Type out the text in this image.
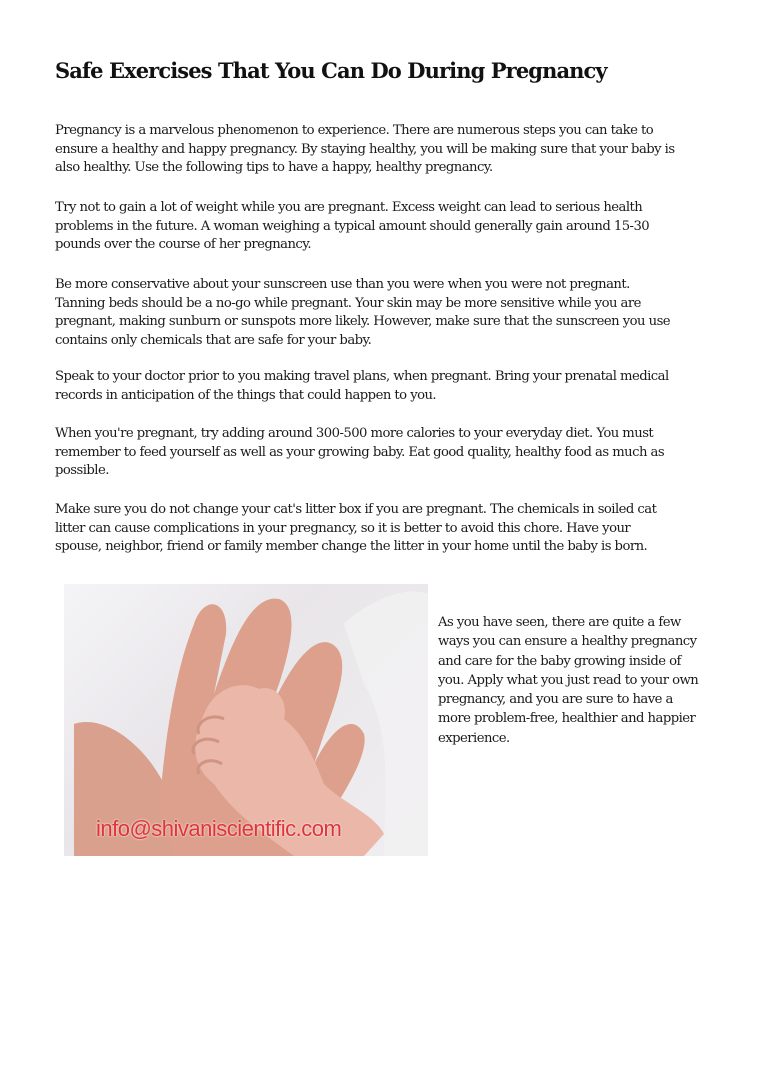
Safe Exercises That You Can Do During Pregnancy
Pregnancy is a marvelous phenomenon to experience. There are numerous steps you can take to
ensure a healthy and happy pregnancy. By staying healthy, you will be making sure that your baby is
also healthy. Use the following tips to have a happy, healthy pregnancy.
Try not to gain a lot of weight while you are pregnant. Excess weight can lead to serious health
problems in the future. A woman weighing a typical amount should generally gain around 15-30
pounds over the course of her pregnancy.
Be more conservative about your sunscreen use than you were when you were not pregnant.
Tanning beds should be a no-go while pregnant. Your skin may be more sensitive while you are
pregnant, making sunburn or sunspots more likely. However, make sure that the sunscreen you use
contains only chemicals that are safe for your baby.
Speak to your doctor prior to you making travel plans, when pregnant. Bring your prenatal medical
records in anticipation of the things that could happen to you.
When you're pregnant, try adding around 300-500 more calories to your everyday diet. You must
remember to feed yourself as well as your growing baby. Eat good quality, healthy food as much as
possible.
Make sure you do not change your cat's litter box if you are pregnant. The chemicals in soiled cat
litter can cause complications in your pregnancy, so it is better to avoid this chore. Have your
spouse, neighbor, friend or family member change the litter in your home until the baby is born.
info@shivaniscientific.com
As you have seen, there are quite a few
ways you can ensure a healthy pregnancy
and care for the baby growing inside of
you. Apply what you just read to your own
pregnancy, and you are sure to have a
more problem-free, healthier and happier
experience.
